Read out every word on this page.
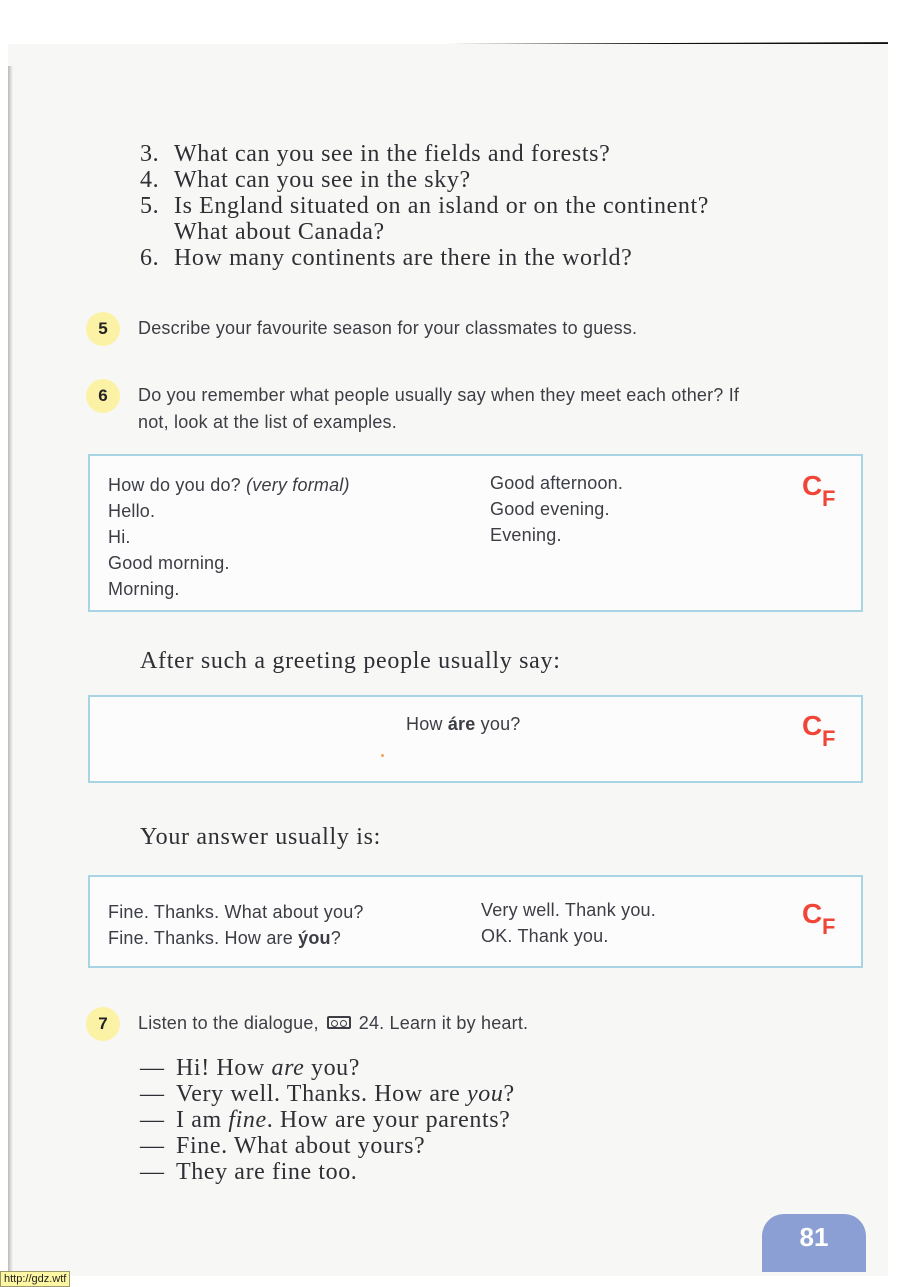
3. What can you see in the fields and forests?
4. What can you see in the sky?
5. Is England situated on an island or on the continent?
What about Canada?
6. How many continents are there in the world?
5	Describe your favourite season for your classmates to guess.
6	Do you remember what people usually say when they meet each other? If
not, look at the list of examples.
How do you do? (very formal)
Hello.
Hi.
Good morning.
Morning.
Good afternoon.
Good evening.
Evening.
C F
After such a greeting people usually say:
How áre you?	C F
Your answer usually is:
Fine. Thanks. What about you?
Fine. Thanks. How are ýou?
Very well. Thank you.
OK. Thank you.
C F
7	Listen to the dialogue, 24. Learn it by heart.
— Hi! How are you?
— Very well. Thanks. How are you?
— I am fine. How are your parents?
— Fine. What about yours?
— They are fine too.
81
http://gdz.wtf
